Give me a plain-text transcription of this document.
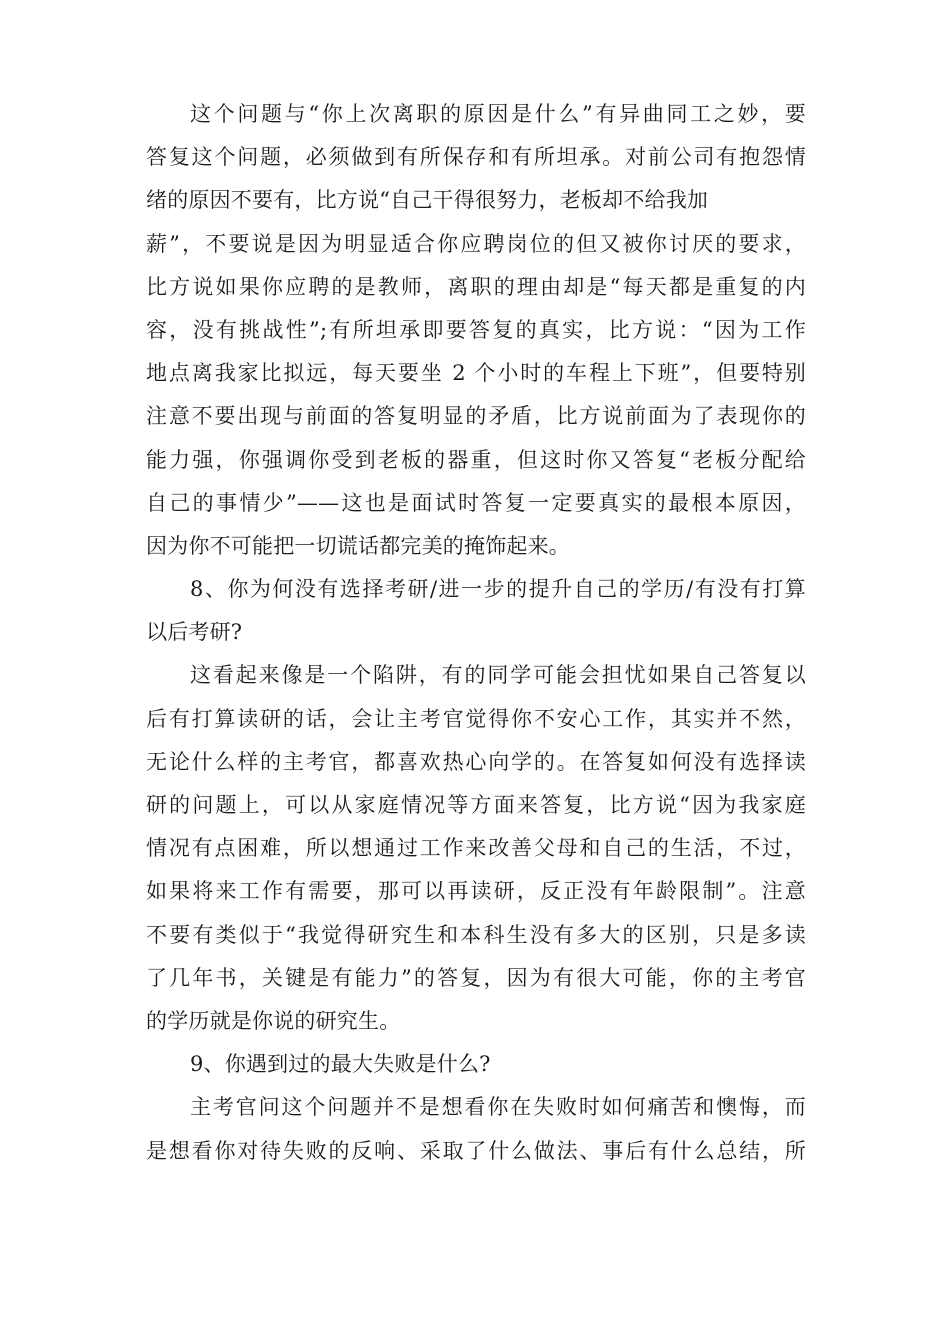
这个问题与“你上次离职的原因是什么”有异曲同工之妙，要
答复这个问题，必须做到有所保存和有所坦承。对前公司有抱怨情
绪的原因不要有，比方说“自己干得很努力，老板却不给我加
薪”，不要说是因为明显适合你应聘岗位的但又被你讨厌的要求，
比方说如果你应聘的是教师，离职的理由却是“每天都是重复的内
容，没有挑战性”;有所坦承即要答复的真实，比方说：“因为工作
地点离我家比拟远，每天要坐 2 个小时的车程上下班”，但要特别
注意不要出现与前面的答复明显的矛盾，比方说前面为了表现你的
能力强，你强调你受到老板的器重，但这时你又答复“老板分配给
自己的事情少”——这也是面试时答复一定要真实的最根本原因，
因为你不可能把一切谎话都完美的掩饰起来。
8、你为何没有选择考研/进一步的提升自己的学历/有没有打算
以后考研?
这看起来像是一个陷阱，有的同学可能会担忧如果自己答复以
后有打算读研的话，会让主考官觉得你不安心工作，其实并不然，
无论什么样的主考官，都喜欢热心向学的。在答复如何没有选择读
研的问题上，可以从家庭情况等方面来答复，比方说“因为我家庭
情况有点困难，所以想通过工作来改善父母和自己的生活，不过，
如果将来工作有需要，那可以再读研，反正没有年龄限制”。注意
不要有类似于“我觉得研究生和本科生没有多大的区别，只是多读
了几年书，关键是有能力”的答复，因为有很大可能，你的主考官
的学历就是你说的研究生。
9、你遇到过的最大失败是什么?
主考官问这个问题并不是想看你在失败时如何痛苦和懊悔，而
是想看你对待失败的反响、采取了什么做法、事后有什么总结，所
